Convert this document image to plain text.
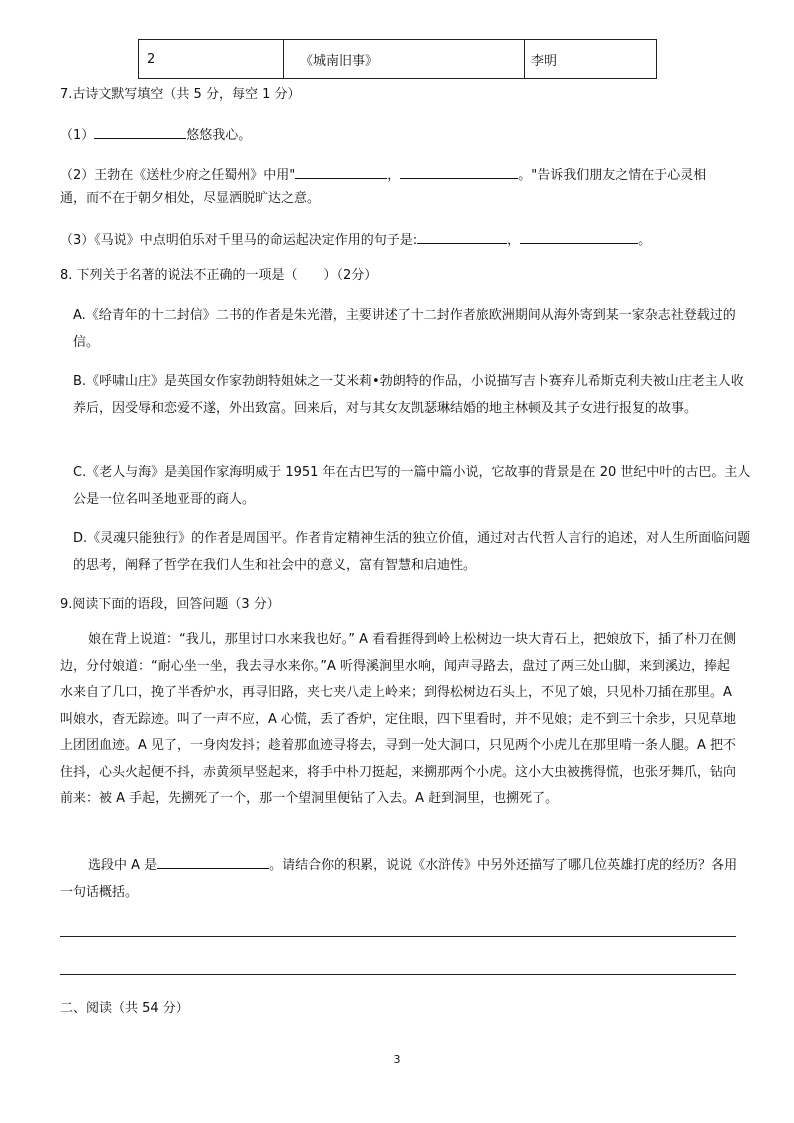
2	《城南旧事》	李明
7.古诗文默写填空（共 5 分，每空 1 分）
（1）	悠悠我心。
（2）王勃在《送杜少府之任蜀州》中用"	，	。"告诉我们朋友之情在于心灵相
通，而不在于朝夕相处，尽显洒脱旷达之意。
（3）《马说》中点明伯乐对千里马的命运起决定作用的句子是:	，	。
8. 下列关于名著的说法不正确的一项是（　　）（2分）
A.《给青年的十二封信》二书的作者是朱光潜，主要讲述了十二封作者旅欧洲期间从海外寄到某一家杂志社登载过的信。
B.《呼啸山庄》是英国女作家勃朗特姐妹之一艾米莉•勃朗特的作品，小说描写吉卜赛弃儿希斯克利夫被山庄老主人收养后，因受辱和恋爱不遂，外出致富。回来后，对与其女友凯瑟琳结婚的地主林顿及其子女进行报复的故事。
C.《老人与海》是美国作家海明威于 1951 年在古巴写的一篇中篇小说，它故事的背景是在 20 世纪中叶的古巴。主人公是一位名叫圣地亚哥的商人。
D.《灵魂只能独行》的作者是周国平。作者肯定精神生活的独立价值，通过对古代哲人言行的追述，对人生所面临问题的思考，阐释了哲学在我们人生和社会中的意义，富有智慧和启迪性。
9.阅读下面的语段，回答问题（3 分）
娘在背上说道：“我儿，那里讨口水来我也好。” A 看看捱得到岭上松树边一块大青石上，把娘放下，插了朴刀在侧边，分付娘道：“耐心坐一坐，我去寻水来你。”A 听得溪涧里水响，闻声寻路去，盘过了两三处山脚，来到溪边，捧起水来自了几口，挽了半香炉水，再寻旧路，夹七夹八走上岭来；到得松树边石头上，不见了娘，只见朴刀插在那里。A 叫娘水，杳无踪迹。叫了一声不应，A 心慌，丢了香炉，定住眼，四下里看时，并不见娘；走不到三十余步，只见草地上团团血迹。A 见了，一身肉发抖；趁着那血迹寻将去，寻到一处大洞口，只见两个小虎儿在那里啃一条人腿。A 把不住抖，心头火起便不抖，赤黄须早竖起来，将手中朴刀挺起，来搠那两个小虎。这小大虫被携得慌，也张牙舞爪，钻向前来：被 A 手起，先搠死了一个，那一个望洞里便钻了入去。A 赶到洞里，也搠死了。
选段中 A 是	。请结合你的积累，说说《水浒传》中另外还描写了哪几位英雄打虎的经历？各用一句话概括。
二、阅读（共 54 分）
3
